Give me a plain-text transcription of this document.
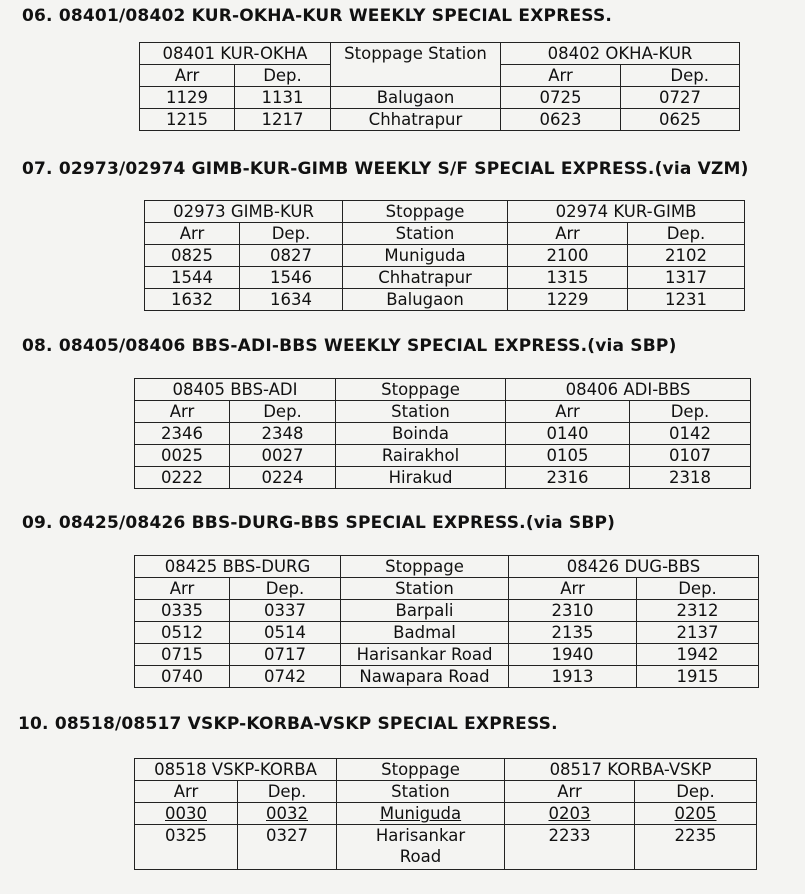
06. 08401/08402 KUR-OKHA-KUR WEEKLY SPECIAL EXPRESS.
08401 KUR-OKHA		Stoppage Station	08402 OKHA-KUR	
Arr	Dep.		Arr	Dep.
1129	1131	Balugaon	0725	0727
1215	1217	Chhatrapur	0623	0625
07. 02973/02974 GIMB-KUR-GIMB WEEKLY S/F SPECIAL EXPRESS.(via VZM)
02973 GIMB-KUR		Stoppage	02974 KUR-GIMB	
Arr	Dep.	Station	Arr	Dep.
0825	0827	Muniguda	2100	2102
1544	1546	Chhatrapur	1315	1317
1632	1634	Balugaon	1229	1231
08. 08405/08406 BBS-ADI-BBS WEEKLY SPECIAL EXPRESS.(via SBP)
08405 BBS-ADI		Stoppage	08406 ADI-BBS	
Arr	Dep.	Station	Arr	Dep.
2346	2348	Boinda	0140	0142
0025	0027	Rairakhol	0105	0107
0222	0224	Hirakud	2316	2318
09. 08425/08426 BBS-DURG-BBS SPECIAL EXPRESS.(via SBP)
08425 BBS-DURG		Stoppage	08426 DUG-BBS	
Arr	Dep.	Station	Arr	Dep.
0335	0337	Barpali	2310	2312
0512	0514	Badmal	2135	2137
0715	0717	Harisankar Road	1940	1942
0740	0742	Nawapara Road	1913	1915
10. 08518/08517 VSKP-KORBA-VSKP SPECIAL EXPRESS.
08518 VSKP-KORBA		Stoppage	08517 KORBA-VSKP	
Arr	Dep.	Station	Arr	Dep.
0030	0032	Muniguda	0203	0205
0325	0327	Harisankar Road	2233	2235
